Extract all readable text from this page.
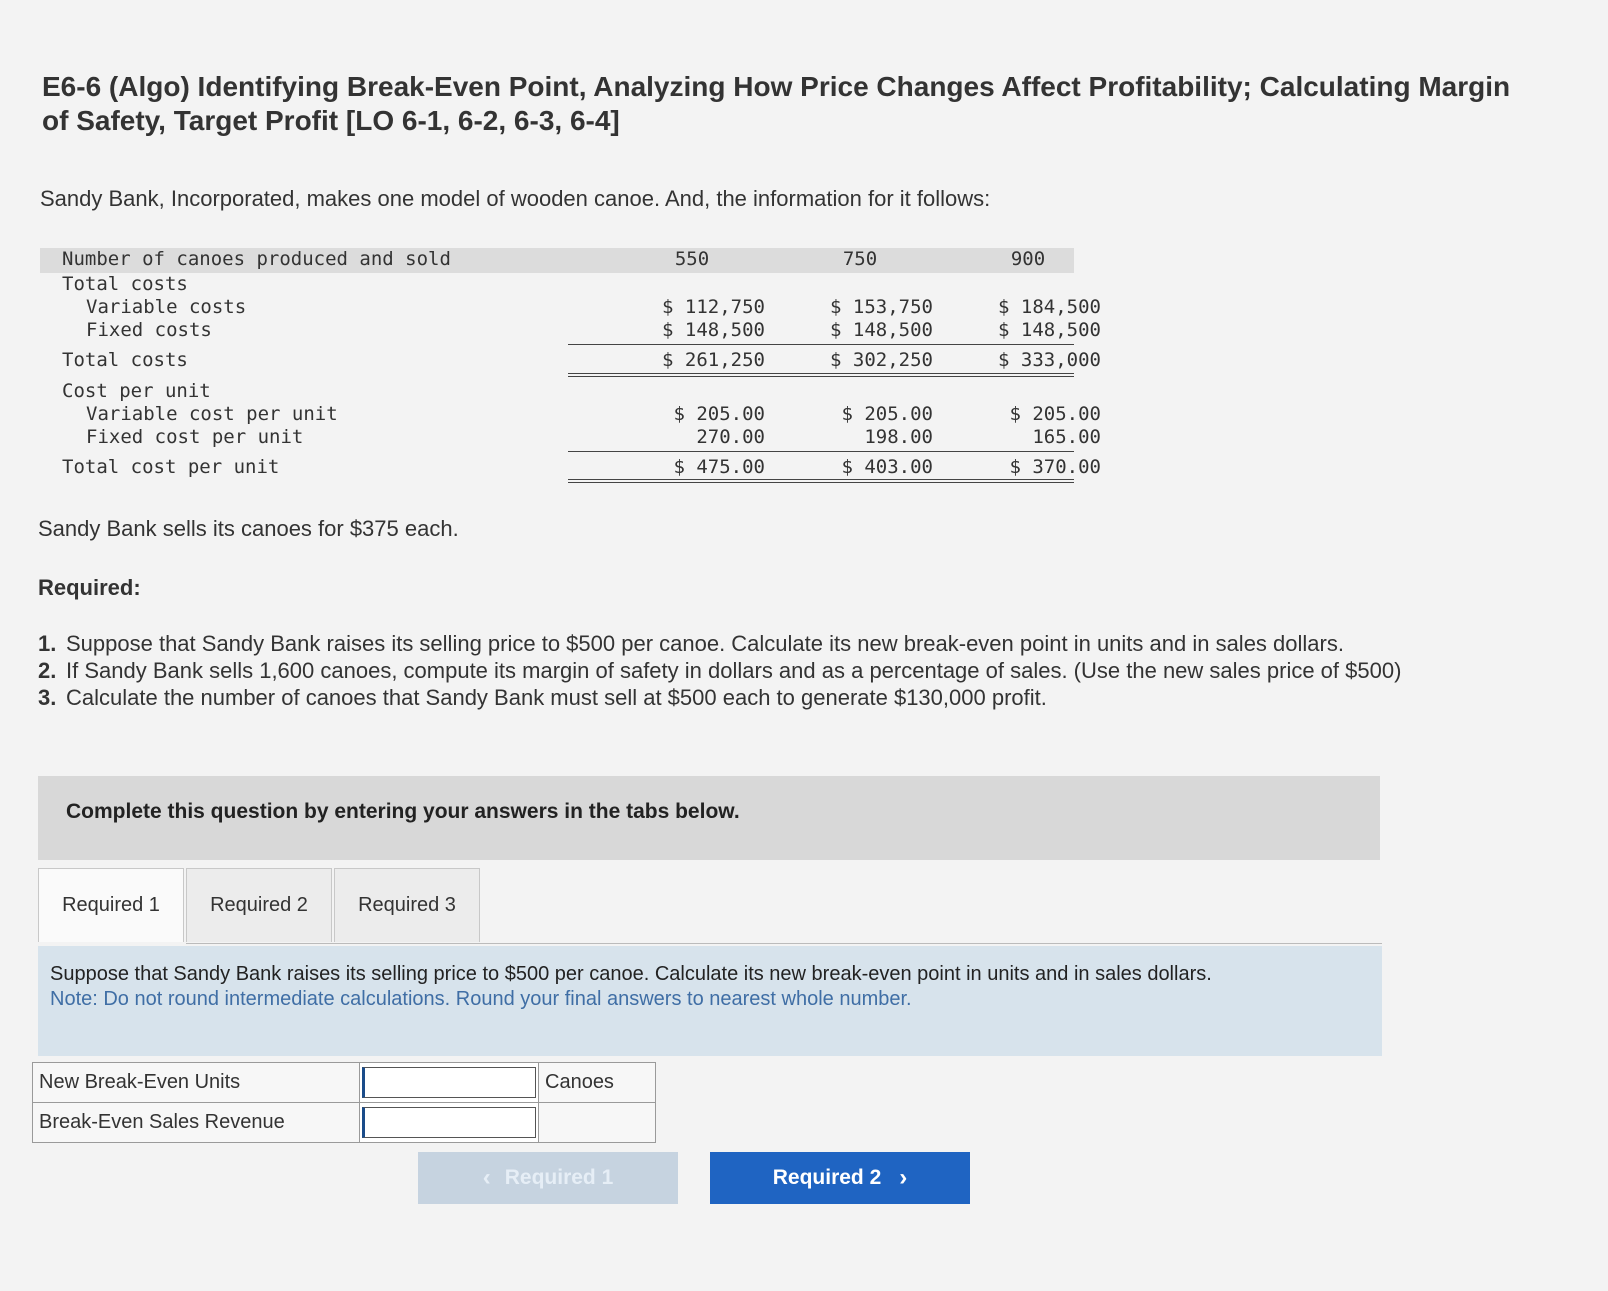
E6-6 (Algo) Identifying Break-Even Point, Analyzing How Price Changes Affect Profitability; Calculating Margin of Safety, Target Profit [LO 6-1, 6-2, 6-3, 6-4]
Sandy Bank, Incorporated, makes one model of wooden canoe. And, the information for it follows:
Number of canoes produced and sold	550	750	900
Total costs
Variable costs	$ 112,750	$ 153,750	$ 184,500
Fixed costs	$ 148,500	$ 148,500	$ 148,500
Total costs	$ 261,250	$ 302,250	$ 333,000
Cost per unit
Variable cost per unit	$ 205.00	$ 205.00	$ 205.00
Fixed cost per unit	270.00	198.00	165.00
Total cost per unit	$ 475.00	$ 403.00	$ 370.00
Sandy Bank sells its canoes for $375 each.
Required:
1. Suppose that Sandy Bank raises its selling price to $500 per canoe. Calculate its new break-even point in units and in sales dollars.
2. If Sandy Bank sells 1,600 canoes, compute its margin of safety in dollars and as a percentage of sales. (Use the new sales price of $500)
3. Calculate the number of canoes that Sandy Bank must sell at $500 each to generate $130,000 profit.
Complete this question by entering your answers in the tabs below.
Required 1	Required 2	Required 3
Suppose that Sandy Bank raises its selling price to $500 per canoe. Calculate its new break-even point in units and in sales dollars.
Note: Do not round intermediate calculations. Round your final answers to nearest whole number.
New Break-Even Units		Canoes
Break-Even Sales Revenue		
‹ Required 1	Required 2 ›
